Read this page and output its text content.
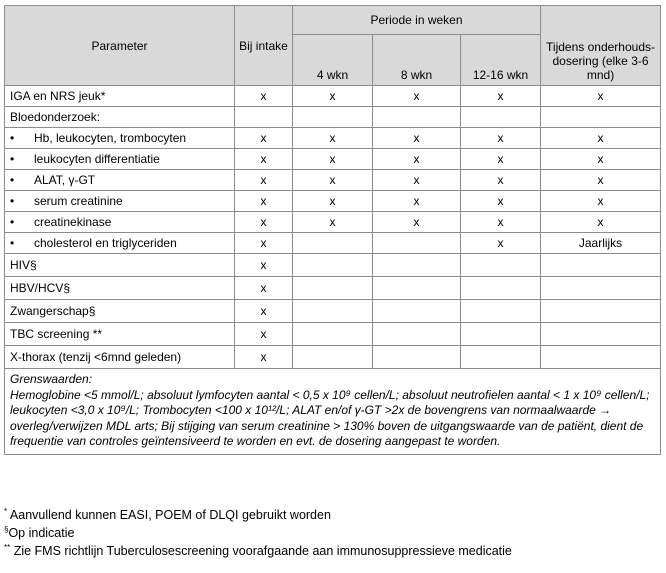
Parameter	Bij intake	Periode in weken			Tijdens onderhouds-dosering (elke 3-6 mnd)
		4 wkn	8 wkn	12-16 wkn	
IGA en NRS jeuk*	x	x	x	x	x
Bloedonderzoek:					
• Hb, leukocyten, trombocyten	x	x	x	x	x
• leukocyten differentiatie	x	x	x	x	x
• ALAT, γ-GT	x	x	x	x	x
• serum creatinine	x	x	x	x	x
• creatinekinase	x	x	x	x	x
• cholesterol en triglyceriden	x			x	Jaarlijks
HIV§	x				
HBV/HCV§	x				
Zwangerschap§	x				
TBC screening **	x				
X-thorax (tenzij <6mnd geleden)	x				

Grenswaarden:
Hemoglobine <5 mmol/L; absoluut lymfocyten aantal < 0,5 x 10⁹ cellen/L; absoluut neutrofielen aantal < 1 x 10⁹ cellen/L; leukocyten <3,0 x 10⁹/L; Trombocyten <100 x 10¹²/L; ALAT en/of γ-GT >2x de bovengrens van normaalwaarde → overleg/verwijzen MDL arts; Bij stijging van serum creatinine > 130% boven de uitgangswaarde van de patiënt, dient de frequentie van controles geïntensiveerd te worden en evt. de dosering aangepast te worden.					
* Aanvullend kunnen EASI, POEM of DLQI gebruikt worden
§Op indicatie
** Zie FMS richtlijn Tuberculosescreening voorafgaande aan immunosuppressieve medicatie
